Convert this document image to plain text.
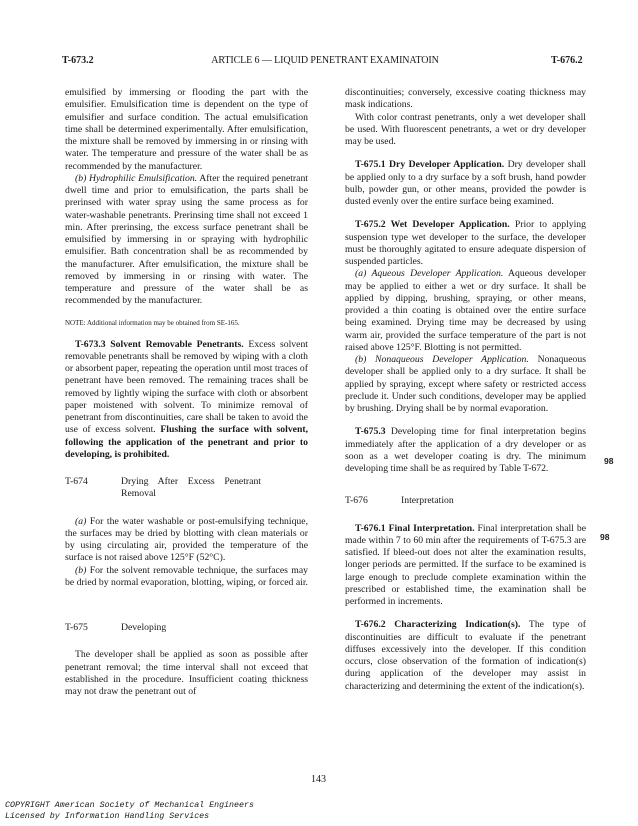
T-673.2	ARTICLE 6 — LIQUID PENETRANT EXAMINATOIN	T-676.2

emulsified by immersing or flooding the part with the emulsifier. Emulsification time is dependent on the type of emulsifier and surface condition. The actual emulsification time shall be determined experimentally. After emulsification, the mixture shall be removed by immersing in or rinsing with water. The temperature and pressure of the water shall be as recommended by the manufacturer.

(b) Hydrophilic Emulsification. After the required penetrant dwell time and prior to emulsification, the parts shall be prerinsed with water spray using the same process as for water-washable penetrants. Prerinsing time shall not exceed 1 min. After prerinsing, the excess surface penetrant shall be emulsified by immersing in or spraying with hydrophilic emulsifier. Bath concentration shall be as recommended by the manufacturer. After emulsification, the mixture shall be removed by immersing in or rinsing with water. The temperature and pressure of the water shall be as recommended by the manufacturer.

NOTE: Additional information may be obtained from SE-165.

T-673.3 Solvent Removable Penetrants. Excess solvent removable penetrants shall be removed by wiping with a cloth or absorbent paper, repeating the operation until most traces of penetrant have been removed. The remaining traces shall be removed by lightly wiping the surface with cloth or absorbent paper moistened with solvent. To minimize removal of penetrant from discontinuities, care shall be taken to avoid the use of excess solvent. Flushing the surface with solvent, following the application of the penetrant and prior to developing, is prohibited.

T-674	Drying After Excess Penetrant Removal

(a) For the water washable or post-emulsifying technique, the surfaces may be dried by blotting with clean materials or by using circulating air, provided the temperature of the surface is not raised above 125°F (52°C).

(b) For the solvent removable technique, the surfaces may be dried by normal evaporation, blotting, wiping, or forced air.

T-675	Developing

The developer shall be applied as soon as possible after penetrant removal; the time interval shall not exceed that established in the procedure. Insufficient coating thickness may not draw the penetrant out of

discontinuities; conversely, excessive coating thickness may mask indications.

With color contrast penetrants, only a wet developer shall be used. With fluorescent penetrants, a wet or dry developer may be used.

T-675.1 Dry Developer Application. Dry developer shall be applied only to a dry surface by a soft brush, hand powder bulb, powder gun, or other means, provided the powder is dusted evenly over the entire surface being examined.

T-675.2 Wet Developer Application. Prior to applying suspension type wet developer to the surface, the developer must be thoroughly agitated to ensure adequate dispersion of suspended particles.

(a) Aqueous Developer Application. Aqueous developer may be applied to either a wet or dry surface. It shall be applied by dipping, brushing, spraying, or other means, provided a thin coating is obtained over the entire surface being examined. Drying time may be decreased by using warm air, provided the surface temperature of the part is not raised above 125°F. Blotting is not permitted.

(b) Nonaqueous Developer Application. Nonaqueous developer shall be applied only to a dry surface. It shall be applied by spraying, except where safety or restricted access preclude it. Under such conditions, developer may be applied by brushing. Drying shall be by normal evaporation.

T-675.3 Developing time for final interpretation begins immediately after the application of a dry developer or as soon as a wet developer coating is dry. The minimum developing time shall be as required by Table T-672.

T-676	Interpretation

T-676.1 Final Interpretation. Final interpretation shall be made within 7 to 60 min after the requirements of T-675.3 are satisfied. If bleed-out does not alter the examination results, longer periods are permitted. If the surface to be examined is large enough to preclude complete examination within the prescribed or established time, the examination shall be performed in increments.

T-676.2 Characterizing Indication(s). The type of discontinuities are difficult to evaluate if the penetrant diffuses excessively into the developer. If this condition occurs, close observation of the formation of indication(s) during application of the developer may assist in characterizing and determining the extent of the indication(s).

98
98
143
COPYRIGHT American Society of Mechanical Engineers
Licensed by Information Handling Services
